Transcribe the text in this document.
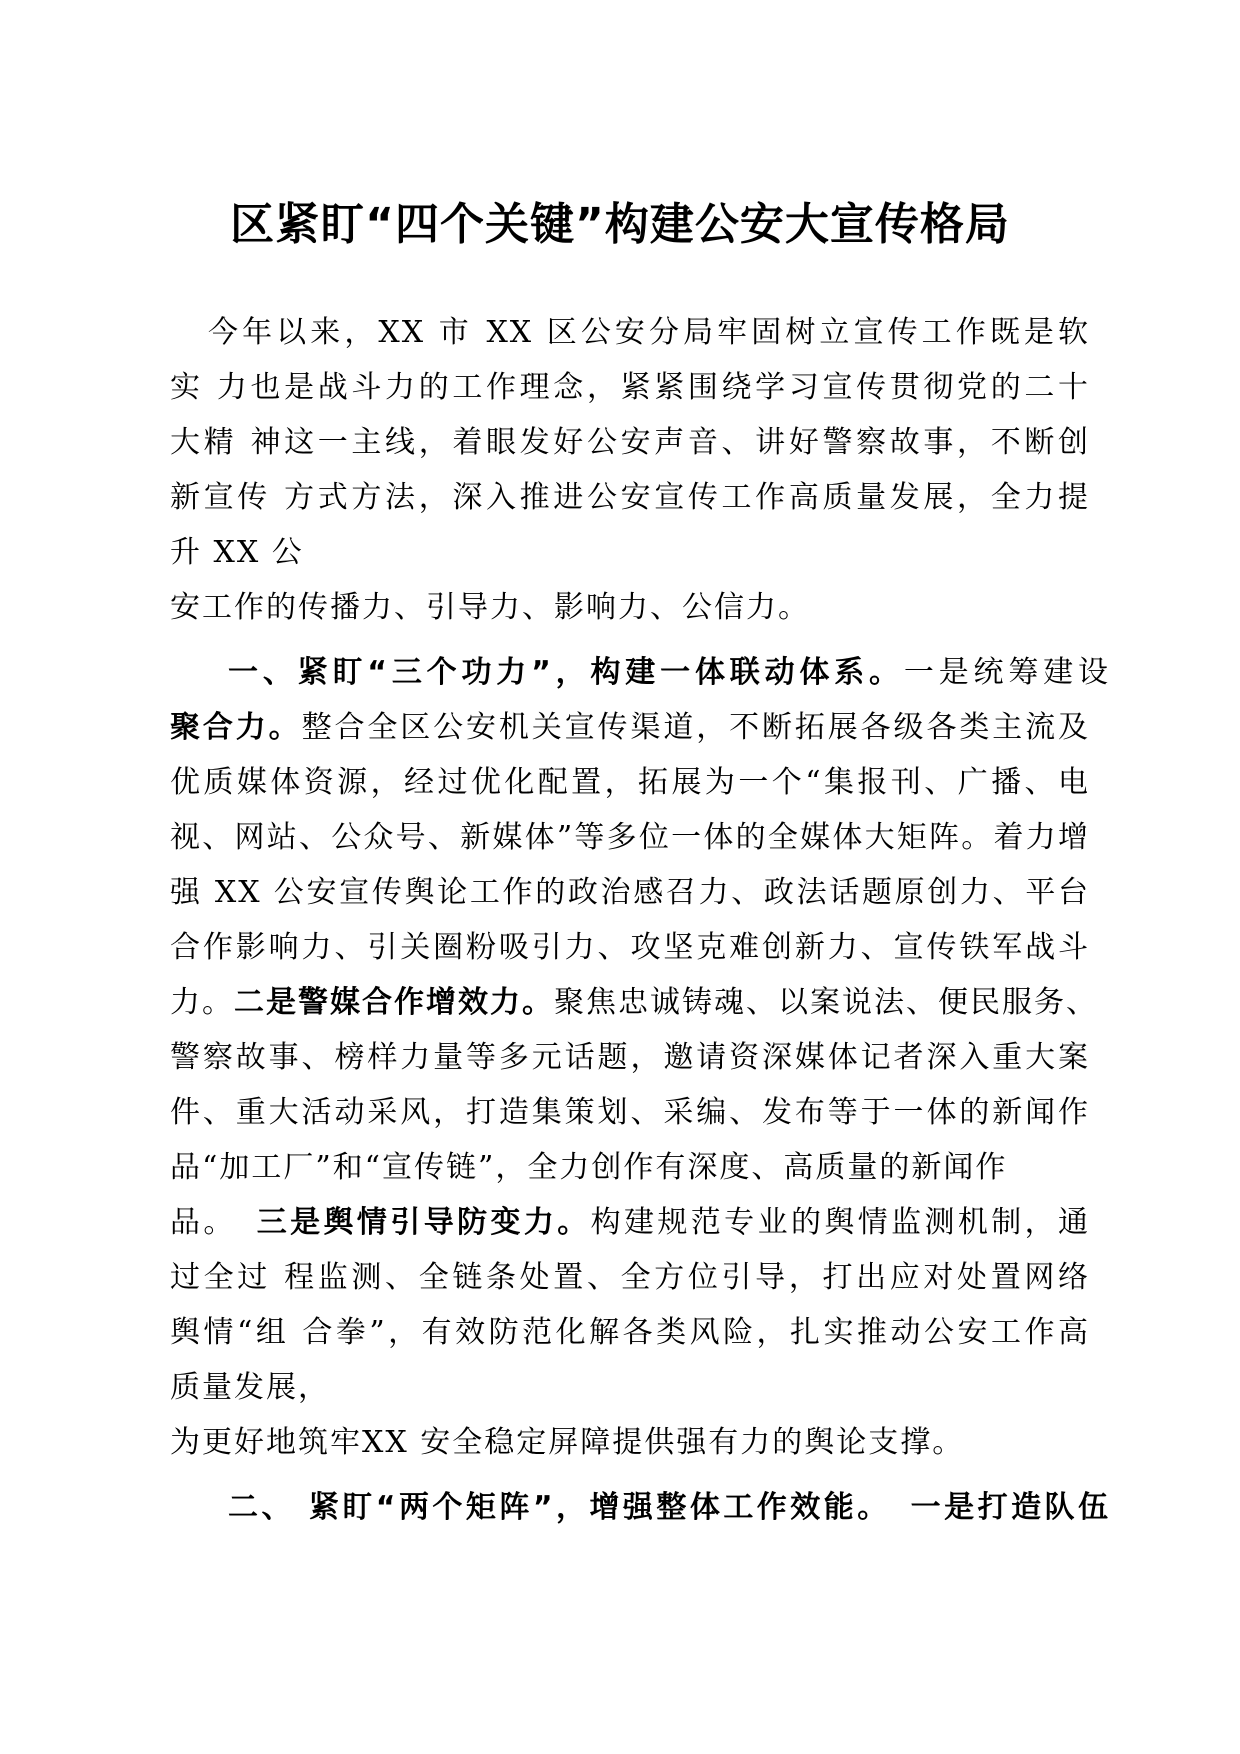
区紧盯“四个关键”构建公安大宣传格局
今年以来，XX 市 XX 区公安分局牢固树立宣传工作既是软
实 力也是战斗力的工作理念，紧紧围绕学习宣传贯彻党的二十
大精 神这一主线，着眼发好公安声音、讲好警察故事，不断创
新宣传 方式方法，深入推进公安宣传工作高质量发展，全力提
升 XX 公
安工作的传播力、引导力、影响力、公信力。
一、紧盯“三个功力”，构建一体联动体系。一是统筹建设
聚合力。整合全区公安机关宣传渠道，不断拓展各级各类主流及
优质媒体资源，经过优化配置，拓展为一个“集报刊、广播、电
视、网站、公众号、新媒体”等多位一体的全媒体大矩阵。着力增
强 XX 公安宣传舆论工作的政治感召力、政法话题原创力、平台
合作影响力、引关圈粉吸引力、攻坚克难创新力、宣传铁军战斗
力。二是警媒合作增效力。聚焦忠诚铸魂、以案说法、便民服务、
警察故事、榜样力量等多元话题，邀请资深媒体记者深入重大案
件、重大活动采风，打造集策划、采编、发布等于一体的新闻作
品“加工厂”和“宣传链”，全力创作有深度、高质量的新闻作
品。 三是舆情引导防变力。构建规范专业的舆情监测机制，通
过全过 程监测、全链条处置、全方位引导，打出应对处置网络
舆情“组 合拳”，有效防范化解各类风险，扎实推动公安工作高
质量发展，
为更好地筑牢XX 安全稳定屏障提供强有力的舆论支撑。
二、 紧盯“两个矩阵”，增强整体工作效能。 一是打造队伍
